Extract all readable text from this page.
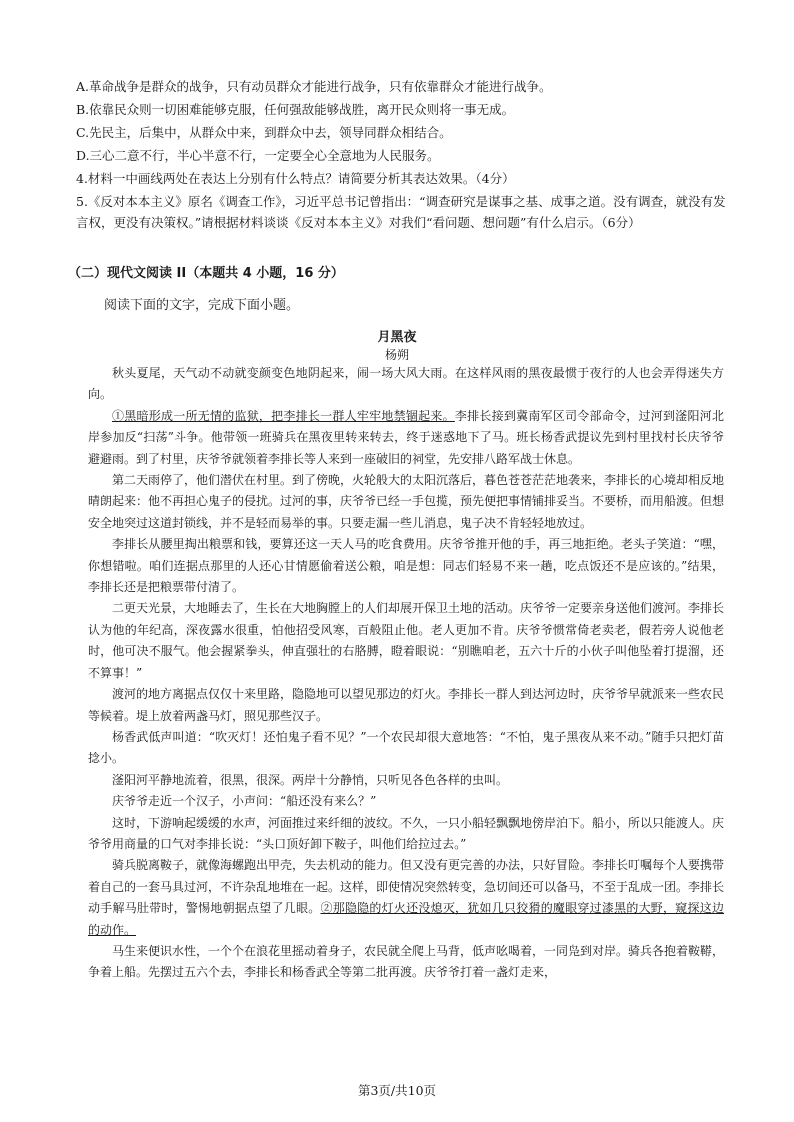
A.革命战争是群众的战争，只有动员群众才能进行战争，只有依靠群众才能进行战争。

B.依靠民众则一切困难能够克服，任何强敌能够战胜，离开民众则将一事无成。

C.先民主，后集中，从群众中来，到群众中去，领导同群众相结合。

D.三心二意不行，半心半意不行，一定要全心全意地为人民服务。

4.材料一中画线两处在表达上分别有什么特点？请简要分析其表达效果。（4分）

5.《反对本本主义》原名《调查工作》，习近平总书记曾指出：“调查研究是谋事之基、成事之道。没有调查，就没有发言权，更没有决策权。”请根据材料谈谈《反对本本主义》对我们“看问题、想问题”有什么启示。（6分）

（二）现代文阅读 II（本题共 4 小题，16 分）

阅读下面的文字，完成下面小题。

月黑夜

杨朔

秋头夏尾，天气动不动就变颜变色地阴起来，闹一场大风大雨。在这样风雨的黑夜最惯于夜行的人也会弄得迷失方向。

①黑暗形成一所无情的监狱，把李排长一群人牢牢地禁锢起来。李排长接到冀南军区司令部命令，过河到滏阳河北岸参加反“扫荡”斗争。他带领一班骑兵在黑夜里转来转去，终于迷惑地下了马。班长杨香武提议先到村里找村长庆爷爷避避雨。到了村里，庆爷爷就领着李排长等人来到一座破旧的祠堂，先安排八路军战士休息。

第二天雨停了，他们潜伏在村里。到了傍晚，火轮般大的太阳沉落后，暮色苍苍茫茫地袭来，李排长的心境却相反地晴朗起来：他不再担心鬼子的侵扰。过河的事，庆爷爷已经一手包揽，预先便把事情铺排妥当。不要桥，而用船渡。但想安全地突过这道封锁线，并不是轻而易举的事。只要走漏一些儿消息，鬼子决不肯轻轻地放过。

李排长从腰里掏出粮票和钱，要算还这一天人马的吃食费用。庆爷爷推开他的手，再三地拒绝。老头子笑道：“嘿，你想错啦。咱们连据点那里的人还心甘情愿偷着送公粮，咱是想：同志们轻易不来一趟，吃点饭还不是应该的。”结果，李排长还是把粮票带付清了。

二更天光景，大地睡去了，生长在大地胸膛上的人们却展开保卫土地的活动。庆爷爷一定要亲身送他们渡河。李排长认为他的年纪高，深夜露水很重，怕他招受风寒，百般阻止他。老人更加不肯。庆爷爷惯常倚老卖老，假若旁人说他老时，他可决不服气。他会握紧拳头，伸直强壮的右胳膊，瞪着眼说：“别瞧咱老，五六十斤的小伙子叫他坠着打提溜，还不算事！”

渡河的地方离据点仅仅十来里路，隐隐地可以望见那边的灯火。李排长一群人到达河边时，庆爷爷早就派来一些农民等候着。堤上放着两盏马灯，照见那些汉子。

杨香武低声叫道：“吹灭灯！还怕鬼子看不见？”一个农民却很大意地答：“不怕，鬼子黑夜从来不动。”随手只把灯苗捻小。

滏阳河平静地流着，很黑，很深。两岸十分静悄，只听见各色各样的虫叫。

庆爷爷走近一个汉子，小声问：“船还没有来么？”

这时，下游响起缓缓的水声，河面推过来纤细的波纹。不久，一只小船轻飘飘地傍岸泊下。船小，所以只能渡人。庆爷爷用商量的口气对李排长说：“头口顶好卸下鞍子，叫他们给拉过去。”

骑兵脱离鞍子，就像海螺跑出甲壳，失去机动的能力。但又没有更完善的办法，只好冒险。李排长叮嘱每个人要携带着自己的一套马具过河，不许杂乱地堆在一起。这样，即使情况突然转变，急切间还可以备马，不至于乱成一团。李排长动手解马肚带时，警惕地朝据点望了几眼。②那隐隐的灯火还没熄灭，犹如几只狡猾的魔眼穿过漆黑的大野，窥探这边的动作。

马生来便识水性，一个个在浪花里摇动着身子，农民就全爬上马背，低声吆喝着，一同凫到对岸。骑兵各抱着鞍鞯，争着上船。先摆过五六个去，李排长和杨香武全等第二批再渡。庆爷爷打着一盏灯走来，

第3页/共10页
